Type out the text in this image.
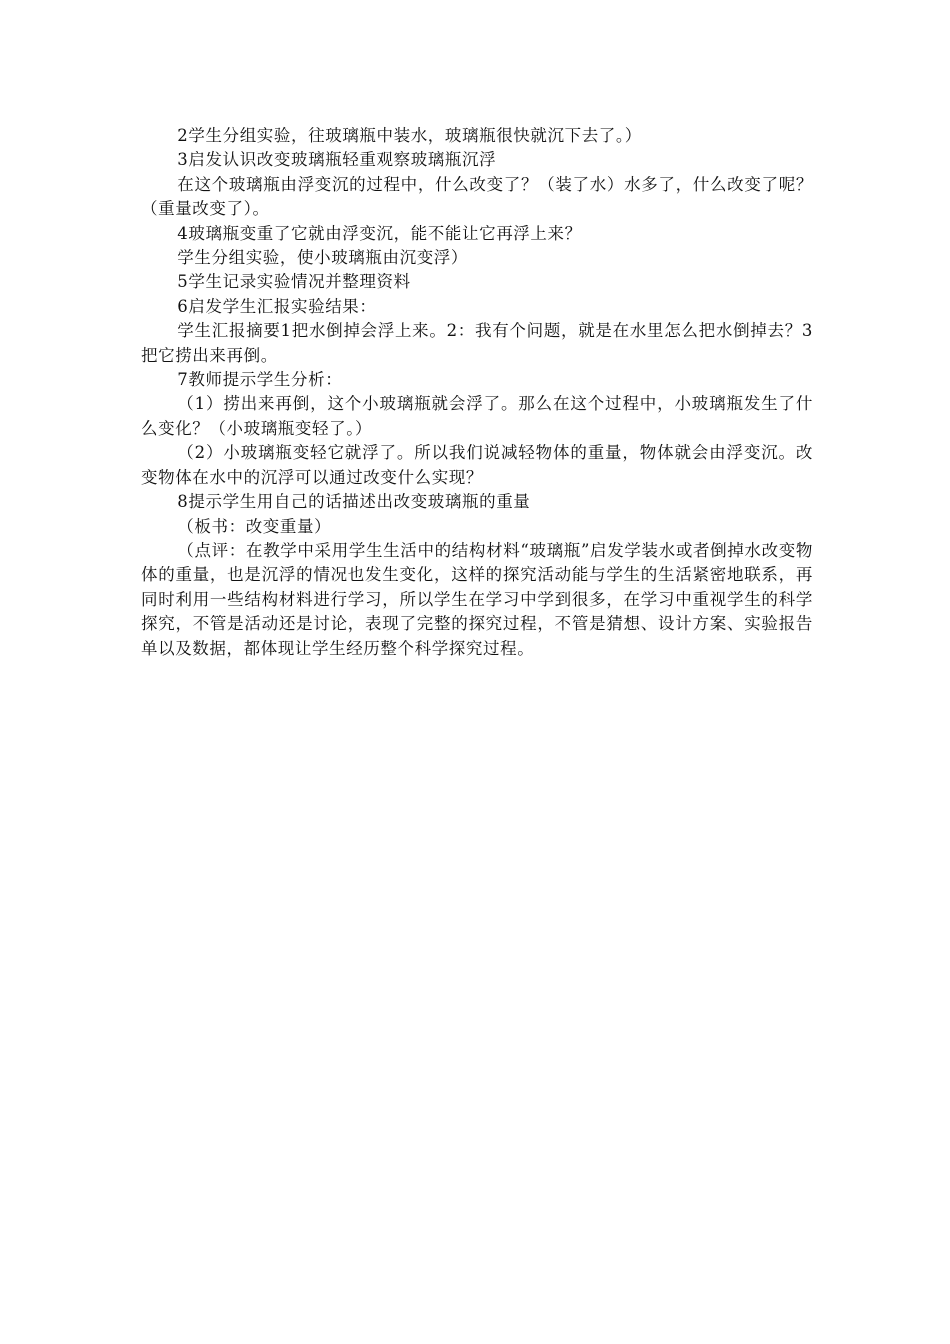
2学生分组实验，往玻璃瓶中装水，玻璃瓶很快就沉下去了。）

3启发认识改变玻璃瓶轻重观察玻璃瓶沉浮

在这个玻璃瓶由浮变沉的过程中，什么改变了？（装了水）水多了，什么改变了呢？（重量改变了）。

4玻璃瓶变重了它就由浮变沉，能不能让它再浮上来？

学生分组实验，使小玻璃瓶由沉变浮）

5学生记录实验情况并整理资料

6启发学生汇报实验结果：

学生汇报摘要1把水倒掉会浮上来。2：我有个问题，就是在水里怎么把水倒掉去？3把它捞出来再倒。

7教师提示学生分析：

（1）捞出来再倒，这个小玻璃瓶就会浮了。那么在这个过程中，小玻璃瓶发生了什么变化？（小玻璃瓶变轻了。）

（2）小玻璃瓶变轻它就浮了。所以我们说减轻物体的重量，物体就会由浮变沉。改变物体在水中的沉浮可以通过改变什么实现？

8提示学生用自己的话描述出改变玻璃瓶的重量

（板书：改变重量）

（点评：在教学中采用学生生活中的结构材料“玻璃瓶”启发学装水或者倒掉水改变物体的重量，也是沉浮的情况也发生变化，这样的探究活动能与学生的生活紧密地联系，再同时利用一些结构材料进行学习，所以学生在学习中学到很多，在学习中重视学生的科学探究，不管是活动还是讨论，表现了完整的探究过程，不管是猜想、设计方案、实验报告单以及数据，都体现让学生经历整个科学探究过程。
